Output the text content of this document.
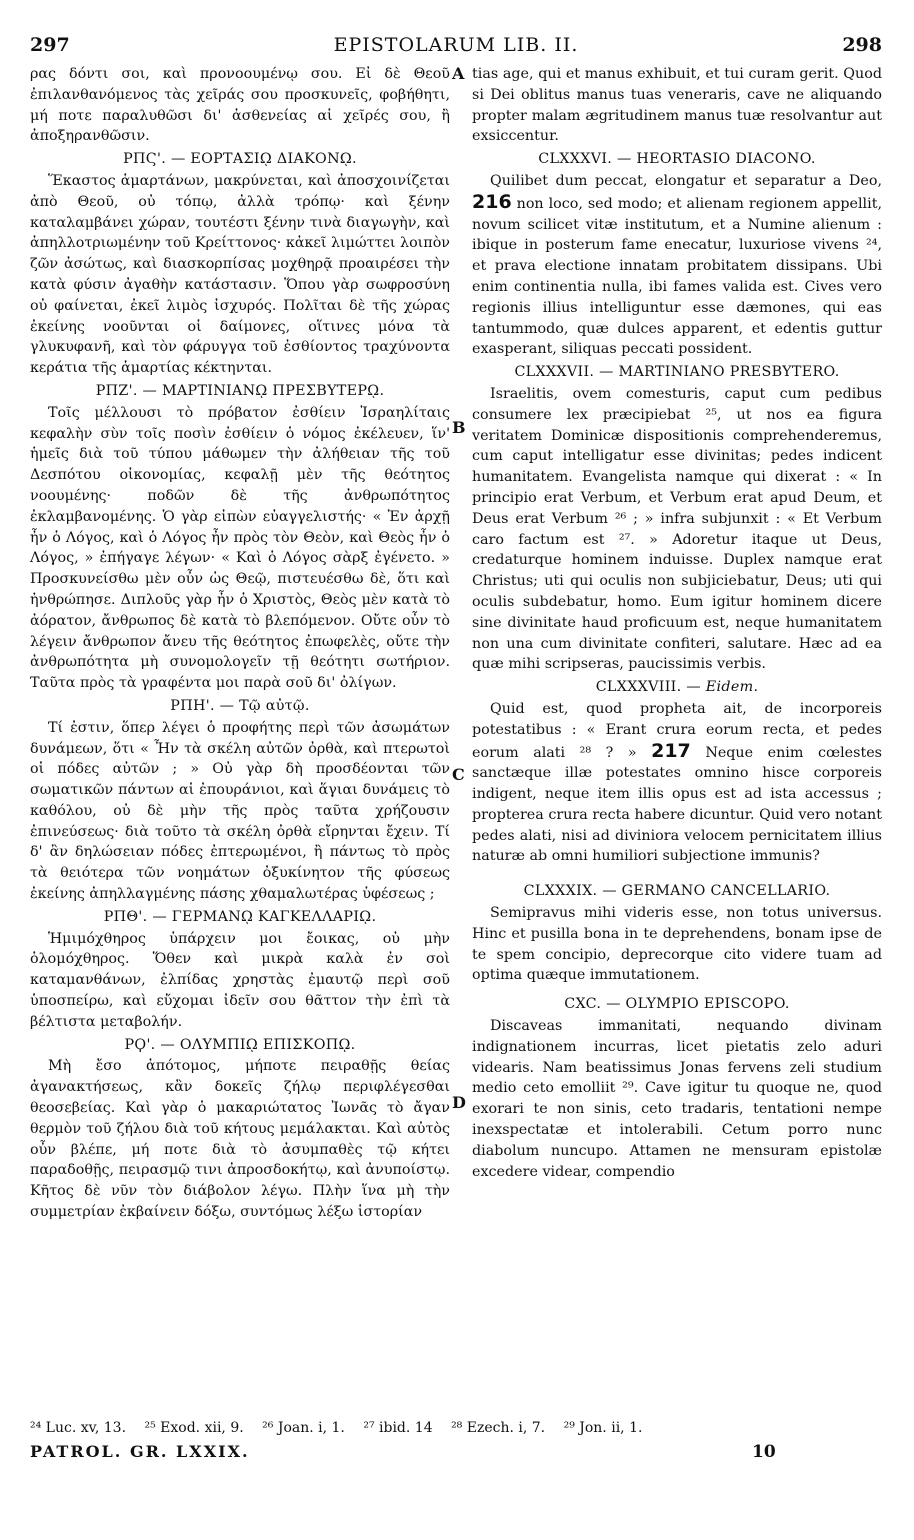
297	EPISTOLARUM LIB. II.	298
A
B
C
D

ρας δόντι σοι, καὶ προνοουμένῳ σου. Εἰ δὲ Θεοῦ ἐπιλανθανόμενος τὰς χεῖράς σου προσκυνεῖς, φοβήθητι, μή ποτε παραλυθῶσι δι' ἀσθενείας αἱ χεῖρές σου, ἢ ἀποξηρανθῶσιν.

ΡΠϚ'. — ΕΟΡΤΑΣΙῼ ΔΙΑΚΟΝῼ.

Ἕκαστος ἁμαρτάνων, μακρύνεται, καὶ ἀποσχοινίζεται ἀπὸ Θεοῦ, οὐ τόπῳ, ἀλλὰ τρόπῳ· καὶ ξένην καταλαμβάνει χώραν, τουτέστι ξένην τινὰ διαγωγὴν, καὶ ἀπηλλοτριωμένην τοῦ Κρείττονος· κἀκεῖ λιμώττει λοιπὸν ζῶν ἀσώτως, καὶ διασκορπίσας μοχθηρᾷ προαιρέσει τὴν κατὰ φύσιν ἀγαθὴν κατάστασιν. Ὅπου γὰρ σωφροσύνη οὐ φαίνεται, ἐκεῖ λιμὸς ἰσχυρός. Πολῖται δὲ τῆς χώρας ἐκείνης νοοῦνται οἱ δαίμονες, οἵτινες μόνα τὰ γλυκυφανῆ, καὶ τὸν φάρυγγα τοῦ ἐσθίοντος τραχύνοντα κεράτια τῆς ἁμαρτίας κέκτηνται.

ΡΠΖ'. — ΜΑΡΤΙΝΙΑΝῼ ΠΡΕΣΒΥΤΕΡῼ.

Τοῖς μέλλουσι τὸ πρόβατον ἐσθίειν Ἰσραηλίταις κεφαλὴν σὺν τοῖς ποσὶν ἐσθίειν ὁ νόμος ἐκέλευεν, ἵν' ἡμεῖς διὰ τοῦ τύπου μάθωμεν τὴν ἀλήθειαν τῆς τοῦ Δεσπότου οἰκονομίας, κεφαλῇ μὲν τῆς θεότητος νοουμένης· ποδῶν δὲ τῆς ἀνθρωπότητος ἐκλαμβανομένης. Ὁ γὰρ εἰπὼν εὐαγγελιστής· « Ἐν ἀρχῇ ἦν ὁ Λόγος, καὶ ὁ Λόγος ἦν πρὸς τὸν Θεὸν, καὶ Θεὸς ἦν ὁ Λόγος, » ἐπήγαγε λέγων· « Καὶ ὁ Λόγος σὰρξ ἐγένετο. » Προσκυνείσθω μὲν οὖν ὡς Θεῷ, πιστευέσθω δὲ, ὅτι καὶ ἠνθρώπησε. Διπλοῦς γὰρ ἦν ὁ Χριστὸς, Θεὸς μὲν κατὰ τὸ ἀόρατον, ἄνθρωπος δὲ κατὰ τὸ βλεπόμενον. Οὔτε οὖν τὸ λέγειν ἄνθρωπον ἄνευ τῆς θεότητος ἐπωφελὲς, οὔτε τὴν ἀνθρωπότητα μὴ συνομολογεῖν τῇ θεότητι σωτήριον. Ταῦτα πρὸς τὰ γραφέντα μοι παρὰ σοῦ δι' ὀλίγων.

ΡΠΗ'. — Τῷ αὐτῷ.

Τί ἐστιν, ὅπερ λέγει ὁ προφήτης περὶ τῶν ἀσωμάτων δυνάμεων, ὅτι « Ἦν τὰ σκέλη αὐτῶν ὀρθὰ, καὶ πτερωτοὶ οἱ πόδες αὐτῶν ; » Οὐ γὰρ δὴ προσδέονται τῶν σωματικῶν πάντων αἱ ἐπουράνιοι, καὶ ἅγιαι δυνάμεις τὸ καθόλου, οὐ δὲ μὴν τῆς πρὸς ταῦτα χρήζουσιν ἐπινεύσεως· διὰ τοῦτο τὰ σκέλη ὀρθὰ εἴρηνται ἔχειν. Τί δ' ἂν δηλώσειαν πόδες ἐπτερωμένοι, ἢ πάντως τὸ πρὸς τὰ θειότερα τῶν νοημάτων ὀξυκίνητον τῆς φύσεως ἐκείνης ἀπηλλαγμένης πάσης χθαμαλωτέρας ὑφέσεως ;

ΡΠΘ'. — ΓΕΡΜΑΝῼ ΚΑΓΚΕΛΛΑΡΙῼ.

Ἡμιμόχθηρος ὑπάρχειν μοι ἔοικας, οὐ μὴν ὁλομόχθηρος. Ὅθεν καὶ μικρὰ καλὰ ἐν σοὶ καταμανθάνων, ἐλπίδας χρηστὰς ἐμαυτῷ περὶ σοῦ ὑποσπείρω, καὶ εὔχομαι ἰδεῖν σου θᾶττον τὴν ἐπὶ τὰ βέλτιστα μεταβολήν.

ΡϘ'. — ΟΛΥΜΠΙῼ ΕΠΙΣΚΟΠῼ.

Μὴ ἔσο ἀπότομος, μήποτε πειραθῇς θείας ἀγανακτήσεως, κἂν δοκεῖς ζήλῳ περιφλέγεσθαι θεοσεβείας. Καὶ γὰρ ὁ μακαριώτατος Ἰωνᾶς τὸ ἄγαν θερμὸν τοῦ ζήλου διὰ τοῦ κήτους μεμάλακται. Καὶ αὐτὸς οὖν βλέπε, μή ποτε διὰ τὸ ἀσυμπαθὲς τῷ κήτει παραδοθῇς, πειρασμῷ τινι ἀπροσδοκήτῳ, καὶ ἀνυποίστῳ. Κῆτος δὲ νῦν τὸν διάβολον λέγω. Πλὴν ἵνα μὴ τὴν συμμετρίαν ἐκβαίνειν δόξω, συντόμως λέξω ἱστορίαν

tias age, qui et manus exhibuit, et tui curam gerit. Quod si Dei oblitus manus tuas veneraris, cave ne aliquando propter malam ægritudinem manus tuæ resolvantur aut exsiccentur.

CLXXXVI. — HEORTASIO DIACONO.

Quilibet dum peccat, elongatur et separatur a Deo, 216 non loco, sed modo; et alienam regionem appellit, novum scilicet vitæ institutum, et a Numine alienum : ibique in posterum fame enecatur, luxuriose vivens ²⁴, et prava electione innatam probitatem dissipans. Ubi enim continentia nulla, ibi fames valida est. Cives vero regionis illius intelliguntur esse dæmones, qui eas tantummodo, quæ dulces apparent, et edentis guttur exasperant, siliquas peccati possident.

CLXXXVII. — MARTINIANO PRESBYTERO.

Israelitis, ovem comesturis, caput cum pedibus consumere lex præcipiebat ²⁵, ut nos ea figura veritatem Dominicæ dispositionis comprehenderemus, cum caput intelligatur esse divinitas; pedes indicent humanitatem. Evangelista namque qui dixerat : « In principio erat Verbum, et Verbum erat apud Deum, et Deus erat Verbum ²⁶ ; » infra subjunxit : « Et Verbum caro factum est ²⁷. » Adoretur itaque ut Deus, credaturque hominem induisse. Duplex namque erat Christus; uti qui oculis non subjiciebatur, Deus; uti qui oculis subdebatur, homo. Eum igitur hominem dicere sine divinitate haud proficuum est, neque humanitatem non una cum divinitate confiteri, salutare. Hæc ad ea quæ mihi scripseras, paucissimis verbis.

CLXXXVIII. — Eidem.

Quid est, quod propheta ait, de incorporeis potestatibus : « Erant crura eorum recta, et pedes eorum alati ²⁸ ? » 217 Neque enim cœlestes sanctæque illæ potestates omnino hisce corporeis indigent, neque item illis opus est ad ista accessus ; propterea crura recta habere dicuntur. Quid vero notant pedes alati, nisi ad diviniora velocem pernicitatem illius naturæ ab omni humiliori subjectione immunis?

CLXXXIX. — GERMANO CANCELLARIO.

Semipravus mihi videris esse, non totus universus. Hinc et pusilla bona in te deprehendens, bonam ipse de te spem concipio, deprecorque cito videre tuam ad optima quæque immutationem.

CXC. — OLYMPIO EPISCOPO.

Discaveas immanitati, nequando divinam indignationem incurras, licet pietatis zelo aduri videaris. Nam beatissimus Jonas fervens zeli studium medio ceto emolliit ²⁹. Cave igitur tu quoque ne, quod exorari te non sinis, ceto tradaris, tentationi nempe inexspectatæ et intolerabili. Cetum porro nunc diabolum nuncupo. Attamen ne mensuram epistolæ excedere videar, compendio

²⁴ Luc. xv, 13. ²⁵ Exod. xii, 9. ²⁶ Joan. i, 1. ²⁷ ibid. 14 ²⁸ Ezech. i, 7. ²⁹ Jon. ii, 1.
PATROL. GR. LXXIX.	10
